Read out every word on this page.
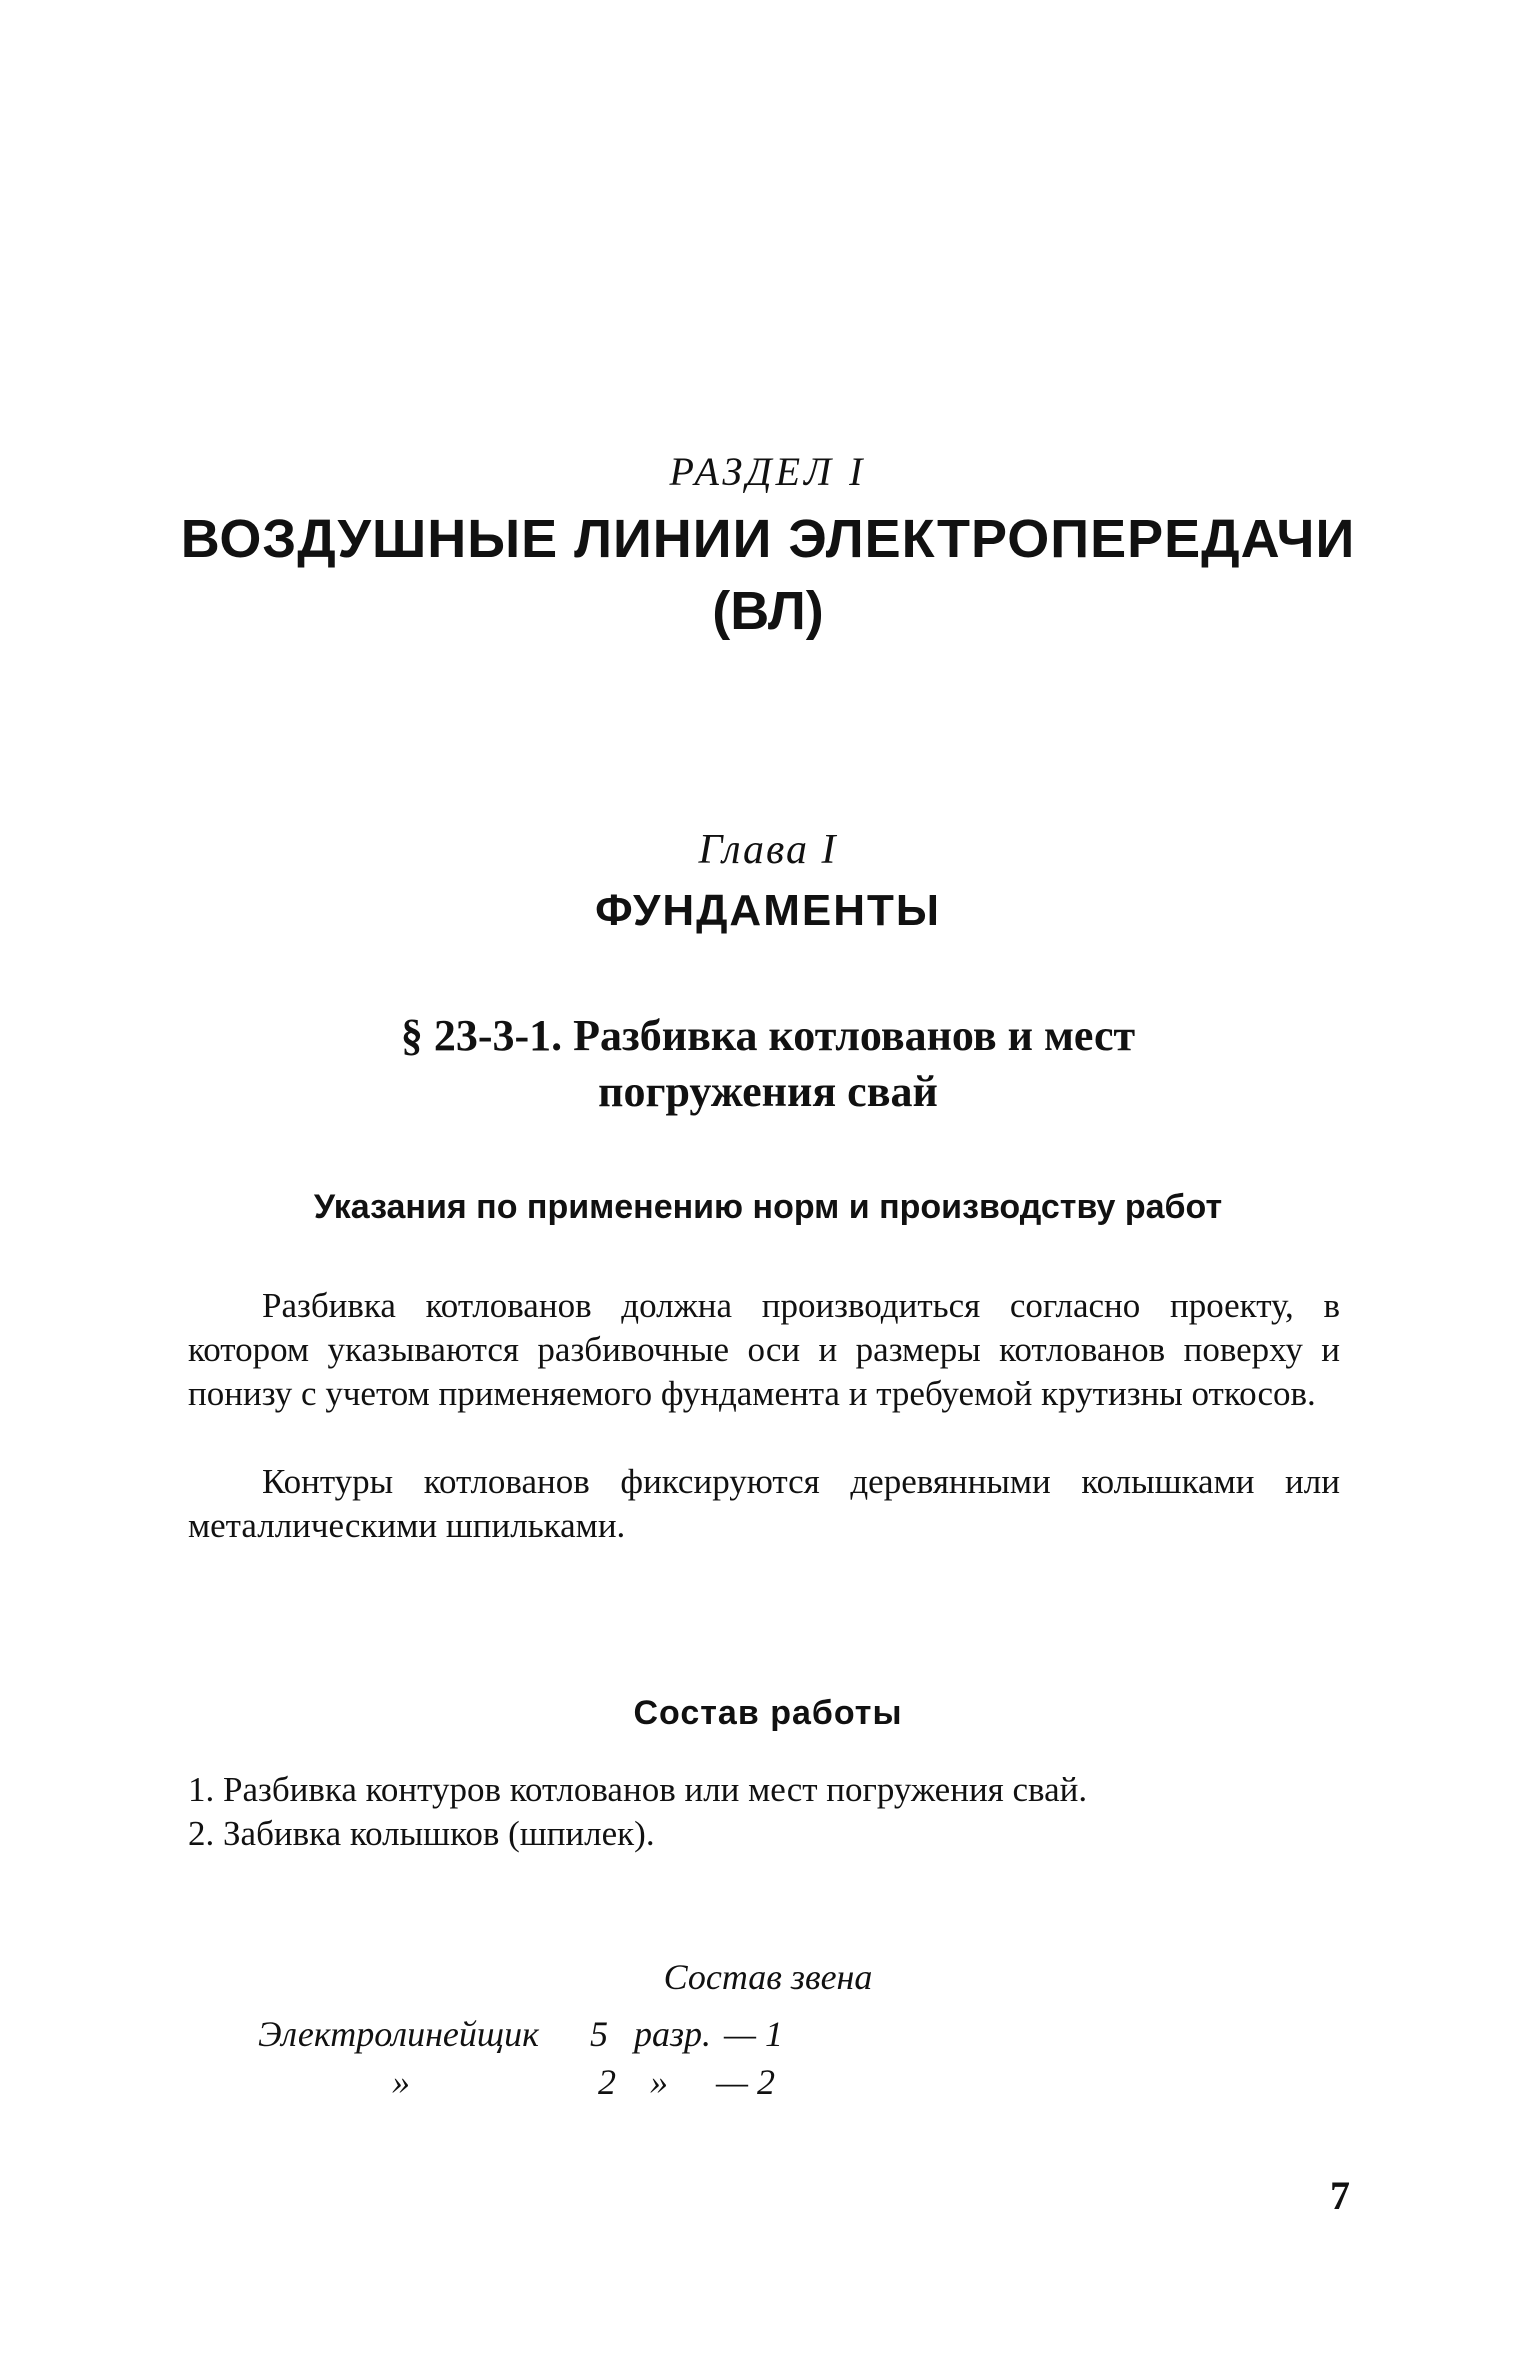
РАЗДЕЛ I

ВОЗДУШНЫЕ ЛИНИИ ЭЛЕКТРОПЕРЕДАЧИ

(ВЛ)

Глава I

ФУНДАМЕНТЫ

§ 23-3-1. Разбивка котлованов и мест

погружения свай

Указания по применению норм и производству работ

Разбивка котлованов должна производиться согласно проекту, в котором указываются разбивочные оси и размеры котлованов поверху и понизу с учетом применяемого фундамента и требуемой крутизны откосов.

Контуры котлованов фиксируются деревянными колышками или металлическими шпильками.

Состав работы

1. Разбивка контуров котлованов или мест погружения свай.

2. Забивка колышков (шпилек).

Состав звена

Электролинейщик 5 разр. — 1
»	2 » — 2

7
